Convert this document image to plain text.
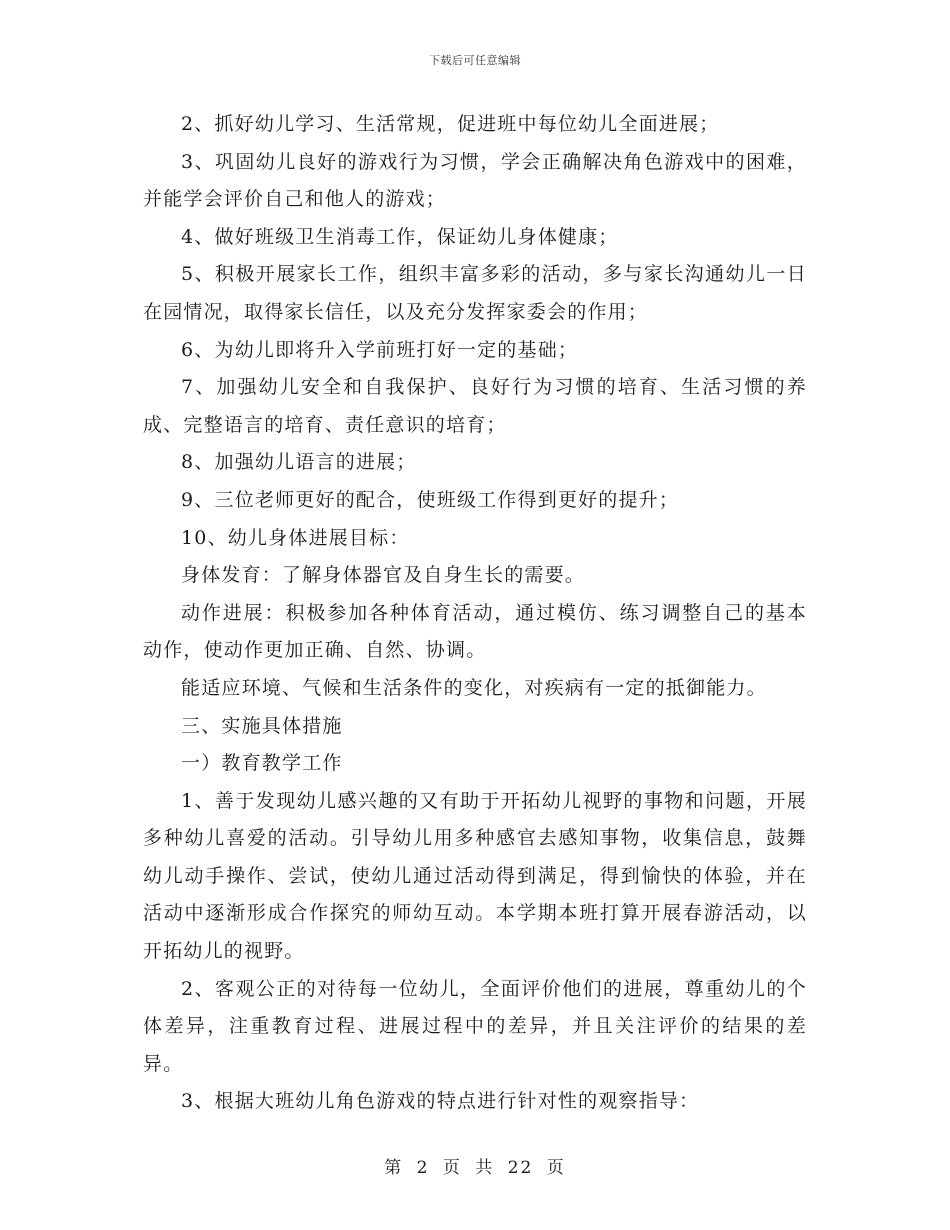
下载后可任意编辑

2、抓好幼儿学习、生活常规，促进班中每位幼儿全面进展；

3、巩固幼儿良好的游戏行为习惯，学会正确解决角色游戏中的困难，并能学会评价自己和他人的游戏；

4、做好班级卫生消毒工作，保证幼儿身体健康；

5、积极开展家长工作，组织丰富多彩的活动，多与家长沟通幼儿一日在园情况，取得家长信任，以及充分发挥家委会的作用；

6、为幼儿即将升入学前班打好一定的基础；

7、加强幼儿安全和自我保护、良好行为习惯的培育、生活习惯的养成、完整语言的培育、责任意识的培育；

8、加强幼儿语言的进展；

9、三位老师更好的配合，使班级工作得到更好的提升；

10、幼儿身体进展目标：

身体发育：了解身体器官及自身生长的需要。

动作进展：积极参加各种体育活动，通过模仿、练习调整自己的基本动作，使动作更加正确、自然、协调。

能适应环境、气候和生活条件的变化，对疾病有一定的抵御能力。

三、实施具体措施

一）教育教学工作

1、善于发现幼儿感兴趣的又有助于开拓幼儿视野的事物和问题，开展多种幼儿喜爱的活动。引导幼儿用多种感官去感知事物，收集信息，鼓舞幼儿动手操作、尝试，使幼儿通过活动得到满足，得到愉快的体验，并在活动中逐渐形成合作探究的师幼互动。本学期本班打算开展春游活动，以开拓幼儿的视野。

2、客观公正的对待每一位幼儿，全面评价他们的进展，尊重幼儿的个体差异，注重教育过程、进展过程中的差异，并且关注评价的结果的差异。

3、根据大班幼儿角色游戏的特点进行针对性的观察指导：

第 2 页 共 22 页
